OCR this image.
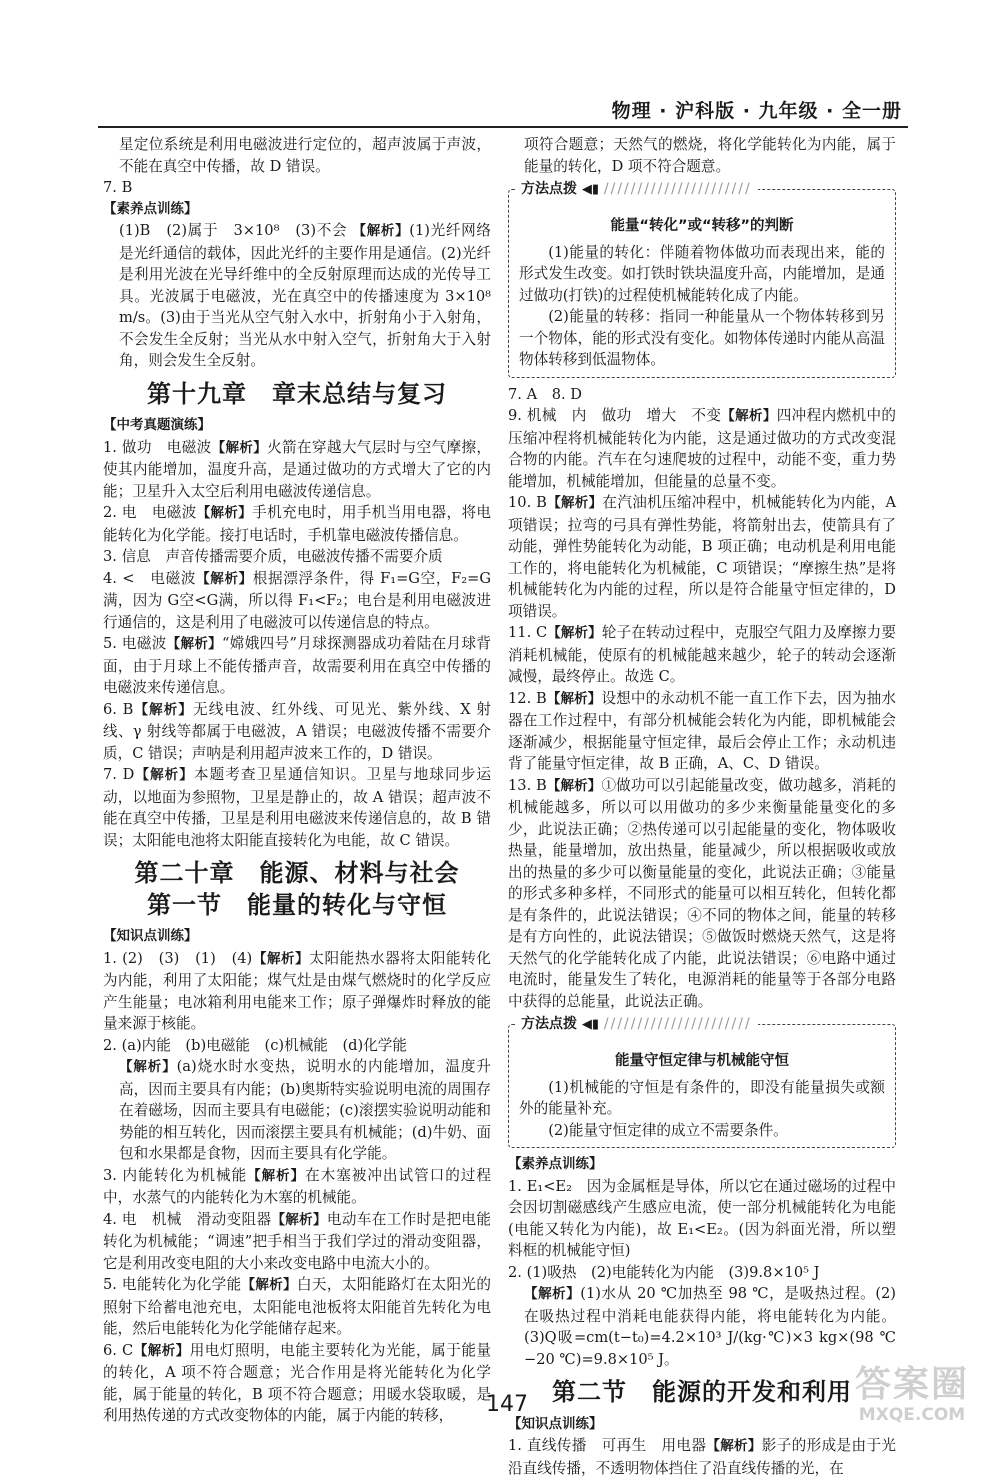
物理 · 沪科版 · 九年级 · 全一册

星定位系统是利用电磁波进行定位的，超声波属于声波，不能在真空中传播，故 D 错误。

7. B

【素养点训练】

(1)B　(2)属于　3×10⁸　(3)不会 【解析】(1)光纤网络是光纤通信的载体，因此光纤的主要作用是通信。(2)光纤是利用光波在光导纤维中的全反射原理而达成的光传导工具。光波属于电磁波，光在真空中的传播速度为 3×10⁸ m/s。(3)由于当光从空气射入水中，折射角小于入射角，不会发生全反射；当光从水中射入空气，折射角大于入射角，则会发生全反射。

第十九章　章末总结与复习
【中考真题演练】

1. 做功　电磁波【解析】火箭在穿越大气层时与空气摩擦，使其内能增加，温度升高，是通过做功的方式增大了它的内能；卫星升入太空后利用电磁波传递信息。

2. 电　电磁波【解析】手机充电时，用手机当用电器，将电能转化为化学能。接打电话时，手机靠电磁波传播信息。

3. 信息　声音传播需要介质，电磁波传播不需要介质

4. <　电磁波【解析】根据漂浮条件，得 F₁=G空，F₂=G满，因为 G空<G满，所以得 F₁<F₂；电台是利用电磁波进行通信的，这是利用了电磁波可以传递信息的特点。

5. 电磁波【解析】“嫦娥四号”月球探测器成功着陆在月球背面，由于月球上不能传播声音，故需要利用在真空中传播的电磁波来传递信息。

6. B【解析】无线电波、红外线、可见光、紫外线、X 射线、γ 射线等都属于电磁波，A 错误；电磁波传播不需要介质，C 错误；声呐是利用超声波来工作的，D 错误。

7. D【解析】本题考查卫星通信知识。卫星与地球同步运动，以地面为参照物，卫星是静止的，故 A 错误；超声波不能在真空中传播，卫星是利用电磁波来传递信息的，故 B 错误；太阳能电池将太阳能直接转化为电能，故 C 错误。

第二十章　能源、材料与社会
第一节　能量的转化与守恒
【知识点训练】

1. (2)　(3)　(1)　(4)【解析】太阳能热水器将太阳能转化为内能，利用了太阳能；煤气灶是由煤气燃烧时的化学反应产生能量；电冰箱利用电能来工作；原子弹爆炸时释放的能量来源于核能。

2. (a)内能　(b)电磁能　(c)机械能　(d)化学能

【解析】(a)烧水时水变热，说明水的内能增加，温度升高，因而主要具有内能；(b)奥斯特实验说明电流的周围存在着磁场，因而主要具有电磁能；(c)滚摆实验说明动能和势能的相互转化，因而滚摆主要具有机械能；(d)牛奶、面包和水果都是食物，因而主要具有化学能。

3. 内能转化为机械能【解析】在木塞被冲出试管口的过程中，水蒸气的内能转化为木塞的机械能。

4. 电　机械　滑动变阻器【解析】电动车在工作时是把电能转化为机械能；“调速”把手相当于我们学过的滑动变阻器，它是利用改变电阻的大小来改变电路中电流大小的。

5. 电能转化为化学能【解析】白天，太阳能路灯在太阳光的照射下给蓄电池充电，太阳能电池板将太阳能首先转化为电能，然后电能转化为化学能储存起来。

6. C【解析】用电灯照明，电能主要转化为光能，属于能量的转化，A 项不符合题意；光合作用是将光能转化为化学能，属于能量的转化，B 项不符合题意；用暖水袋取暖，是利用热传递的方式改变物体的内能，属于内能的转移，

项符合题意；天然气的燃烧，将化学能转化为内能，属于能量的转化，D 项不符合题意。

方法点拨 ◀▮ //////////////////////
能量“转化”或“转移”的判断

(1)能量的转化：伴随着物体做功而表现出来，能的形式发生改变。如打铁时铁块温度升高，内能增加，是通过做功(打铁)的过程使机械能转化成了内能。

(2)能量的转移：指同一种能量从一个物体转移到另一个物体，能的形式没有变化。如物体传递时内能从高温物体转移到低温物体。

7. A　8. D

9. 机械　内　做功　增大　不变【解析】四冲程内燃机中的压缩冲程将机械能转化为内能，这是通过做功的方式改变混合物的内能。汽车在匀速爬坡的过程中，动能不变，重力势能增加，机械能增加，但能量的总量不变。

10. B【解析】在汽油机压缩冲程中，机械能转化为内能，A 项错误；拉弯的弓具有弹性势能，将箭射出去，使箭具有了动能，弹性势能转化为动能，B 项正确；电动机是利用电能工作的，将电能转化为机械能，C 项错误；“摩擦生热”是将机械能转化为内能的过程，所以是符合能量守恒定律的，D 项错误。

11. C【解析】轮子在转动过程中，克服空气阻力及摩擦力要消耗机械能，使原有的机械能越来越少，轮子的转动会逐渐减慢，最终停止。故选 C。

12. B【解析】设想中的永动机不能一直工作下去，因为抽水器在工作过程中，有部分机械能会转化为内能，即机械能会逐渐减少，根据能量守恒定律，最后会停止工作；永动机违背了能量守恒定律，故 B 正确，A、C、D 错误。

13. B【解析】①做功可以引起能量改变，做功越多，消耗的机械能越多，所以可以用做功的多少来衡量能量变化的多少，此说法正确；②热传递可以引起能量的变化，物体吸收热量，能量增加，放出热量，能量减少，所以根据吸收或放出的热量的多少可以衡量能量的变化，此说法正确；③能量的形式多种多样，不同形式的能量可以相互转化，但转化都是有条件的，此说法错误；④不同的物体之间，能量的转移是有方向性的，此说法错误；⑤做饭时燃烧天然气，这是将天然气的化学能转化成了内能，此说法错误；⑥电路中通过电流时，能量发生了转化，电源消耗的能量等于各部分电路中获得的总能量，此说法正确。

方法点拨 ◀▮ //////////////////////
能量守恒定律与机械能守恒

(1)机械能的守恒是有条件的，即没有能量损失或额外的能量补充。

(2)能量守恒定律的成立不需要条件。

【素养点训练】

1. E₁<E₂　因为金属框是导体，所以它在通过磁场的过程中会因切割磁感线产生感应电流，使一部分机械能转化为电能(电能又转化为内能)，故 E₁<E₂。(因为斜面光滑，所以塑料框的机械能守恒)

2. (1)吸热　(2)电能转化为内能　(3)9.8×10⁵ J

【解析】(1)水从 20 ℃加热至 98 ℃，是吸热过程。(2)在吸热过程中消耗电能获得内能，将电能转化为内能。(3)Q吸=cm(t−t₀)=4.2×10³ J/(kg·℃)×3 kg×(98 ℃−20 ℃)=9.8×10⁵ J。

第二节　能源的开发和利用
【知识点训练】

1. 直线传播　可再生　用电器【解析】影子的形成是由于光沿直线传播，不透明物体挡住了沿直线传播的光，在

147	答案圈
MXQE.COM
